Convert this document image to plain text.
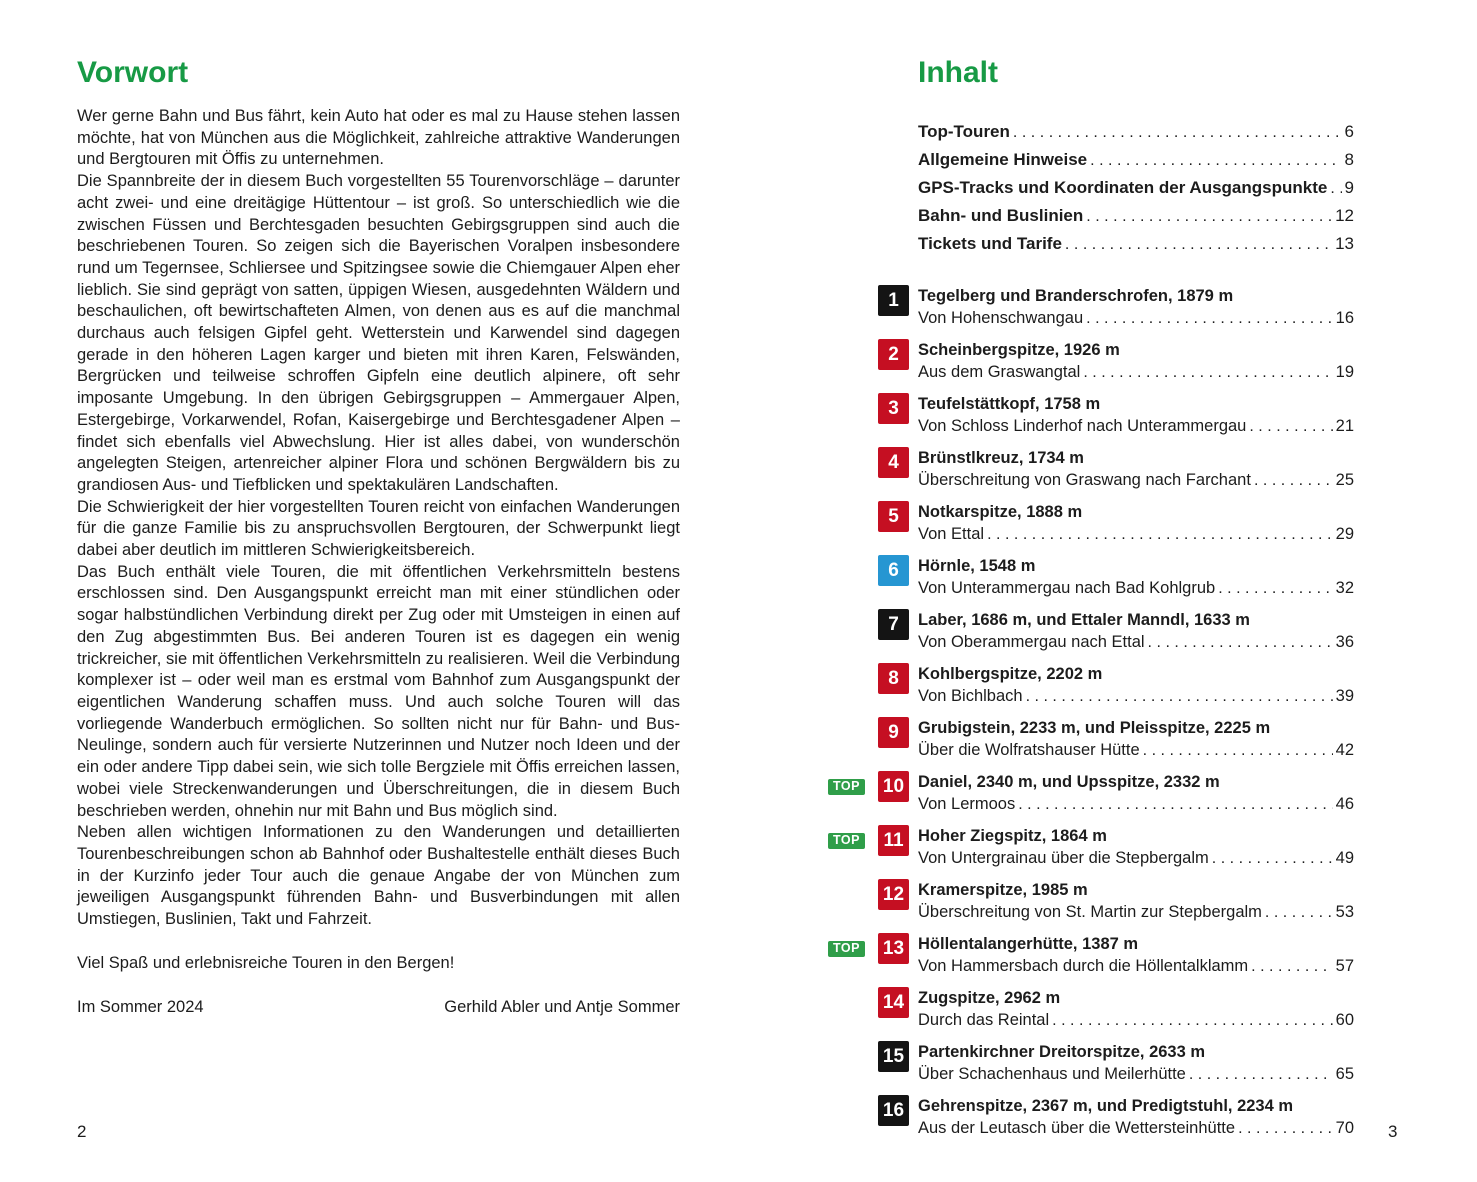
Vorwort

Wer gerne Bahn und Bus fährt, kein Auto hat oder es mal zu Hause stehen lassen möchte, hat von München aus die Möglichkeit, zahlreiche attraktive Wanderungen und Bergtouren mit Öffis zu unternehmen.

Die Spannbreite der in diesem Buch vorgestellten 55 Tourenvorschläge – darunter acht zwei- und eine dreitägige Hüttentour – ist groß. So unterschiedlich wie die zwischen Füssen und Berchtesgaden besuchten Gebirgsgruppen sind auch die beschriebenen Touren. So zeigen sich die Bayerischen Voralpen insbesondere rund um Tegernsee, Schliersee und Spitzingsee sowie die Chiemgauer Alpen eher lieblich. Sie sind geprägt von satten, üppigen Wiesen, ausgedehnten Wäldern und beschaulichen, oft bewirtschafteten Almen, von denen aus es auf die manchmal durchaus auch felsigen Gipfel geht. Wetterstein und Karwendel sind dagegen gerade in den höheren Lagen karger und bieten mit ihren Karen, Felswänden, Bergrücken und teilweise schroffen Gipfeln eine deutlich alpinere, oft sehr imposante Umgebung. In den übrigen Gebirgsgruppen – Ammergauer Alpen, Estergebirge, Vorkarwendel, Rofan, Kaisergebirge und Berchtesgadener Alpen – findet sich ebenfalls viel Abwechslung. Hier ist alles dabei, von wunderschön angelegten Steigen, artenreicher alpiner Flora und schönen Bergwäldern bis zu grandiosen Aus- und Tiefblicken und spektakulären Landschaften.

Die Schwierigkeit der hier vorgestellten Touren reicht von einfachen Wanderungen für die ganze Familie bis zu anspruchsvollen Bergtouren, der Schwerpunkt liegt dabei aber deutlich im mittleren Schwierigkeitsbereich.

Das Buch enthält viele Touren, die mit öffentlichen Verkehrsmitteln bestens erschlossen sind. Den Ausgangspunkt erreicht man mit einer stündlichen oder sogar halbstündlichen Verbindung direkt per Zug oder mit Umsteigen in einen auf den Zug abgestimmten Bus. Bei anderen Touren ist es dagegen ein wenig trickreicher, sie mit öffentlichen Verkehrsmitteln zu realisieren. Weil die Verbindung komplexer ist – oder weil man es erstmal vom Bahnhof zum Ausgangspunkt der eigentlichen Wanderung schaffen muss. Und auch solche Touren will das vorliegende Wanderbuch ermöglichen. So sollten nicht nur für Bahn- und Bus-Neulinge, sondern auch für versierte Nutzerinnen und Nutzer noch Ideen und der ein oder andere Tipp dabei sein, wie sich tolle Bergziele mit Öffis erreichen lassen, wobei viele Streckenwanderungen und Überschreitungen, die in diesem Buch beschrieben werden, ohnehin nur mit Bahn und Bus möglich sind.

Neben allen wichtigen Informationen zu den Wanderungen und detaillierten Tourenbeschreibungen schon ab Bahnhof oder Bushaltestelle enthält dieses Buch in der Kurzinfo jeder Tour auch die genaue Angabe der von München zum jeweiligen Ausgangspunkt führenden Bahn- und Busverbindungen mit allen Umstiegen, Buslinien, Takt und Fahrzeit.

Viel Spaß und erlebnisreiche Touren in den Bergen!

Im Sommer 2024	Gerhild Abler und Antje Sommer
Inhalt
Top-Touren .....	6
Allgemeine Hinweise .....	8
GPS-Tracks und Koordinaten der Ausgangspunkte ..... 9
Bahn- und Buslinien .....	12
Tickets und Tarife .....	13
1	Tegelberg und Branderschrofen, 1879 m
Von Hohenschwangau .....	16
2	Scheinbergspitze, 1926 m
Aus dem Graswangtal .....	19
3	Teufelstättkopf, 1758 m
Von Schloss Linderhof nach Unterammergau .....	21
4	Brünstlkreuz, 1734 m
Überschreitung von Graswang nach Farchant .....	25
5	Notkarspitze, 1888 m
Von Ettal .....	29
6	Hörnle, 1548 m
Von Unterammergau nach Bad Kohlgrub .....	32
7	Laber, 1686 m, und Ettaler Manndl, 1633 m
Von Oberammergau nach Ettal .....	36
8	Kohlbergspitze, 2202 m
Von Bichlbach .....	39
9	Grubigstein, 2233 m, und Pleisspitze, 2225 m
Über die Wolfratshauser Hütte .....	42
TOP	10 Daniel, 2340 m, und Upsspitze, 2332 m
Von Lermoos .....	46
TOP	11 Hoher Ziegspitz, 1864 m
Von Untergrainau über die Stepbergalm .....	49
12 Kramerspitze, 1985 m
Überschreitung von St. Martin zur Stepbergalm .....	53
TOP	13 Höllentalangerhütte, 1387 m
Von Hammersbach durch die Höllentalklamm .....	57
14 Zugspitze, 2962 m
Durch das Reintal .....	60
15 Partenkirchner Dreitorspitze, 2633 m
Über Schachenhaus und Meilerhütte .....	65
16 Gehrenspitze, 2367 m, und Predigtstuhl, 2234 m
Aus der Leutasch über die Wettersteinhütte .....	70
2	3
